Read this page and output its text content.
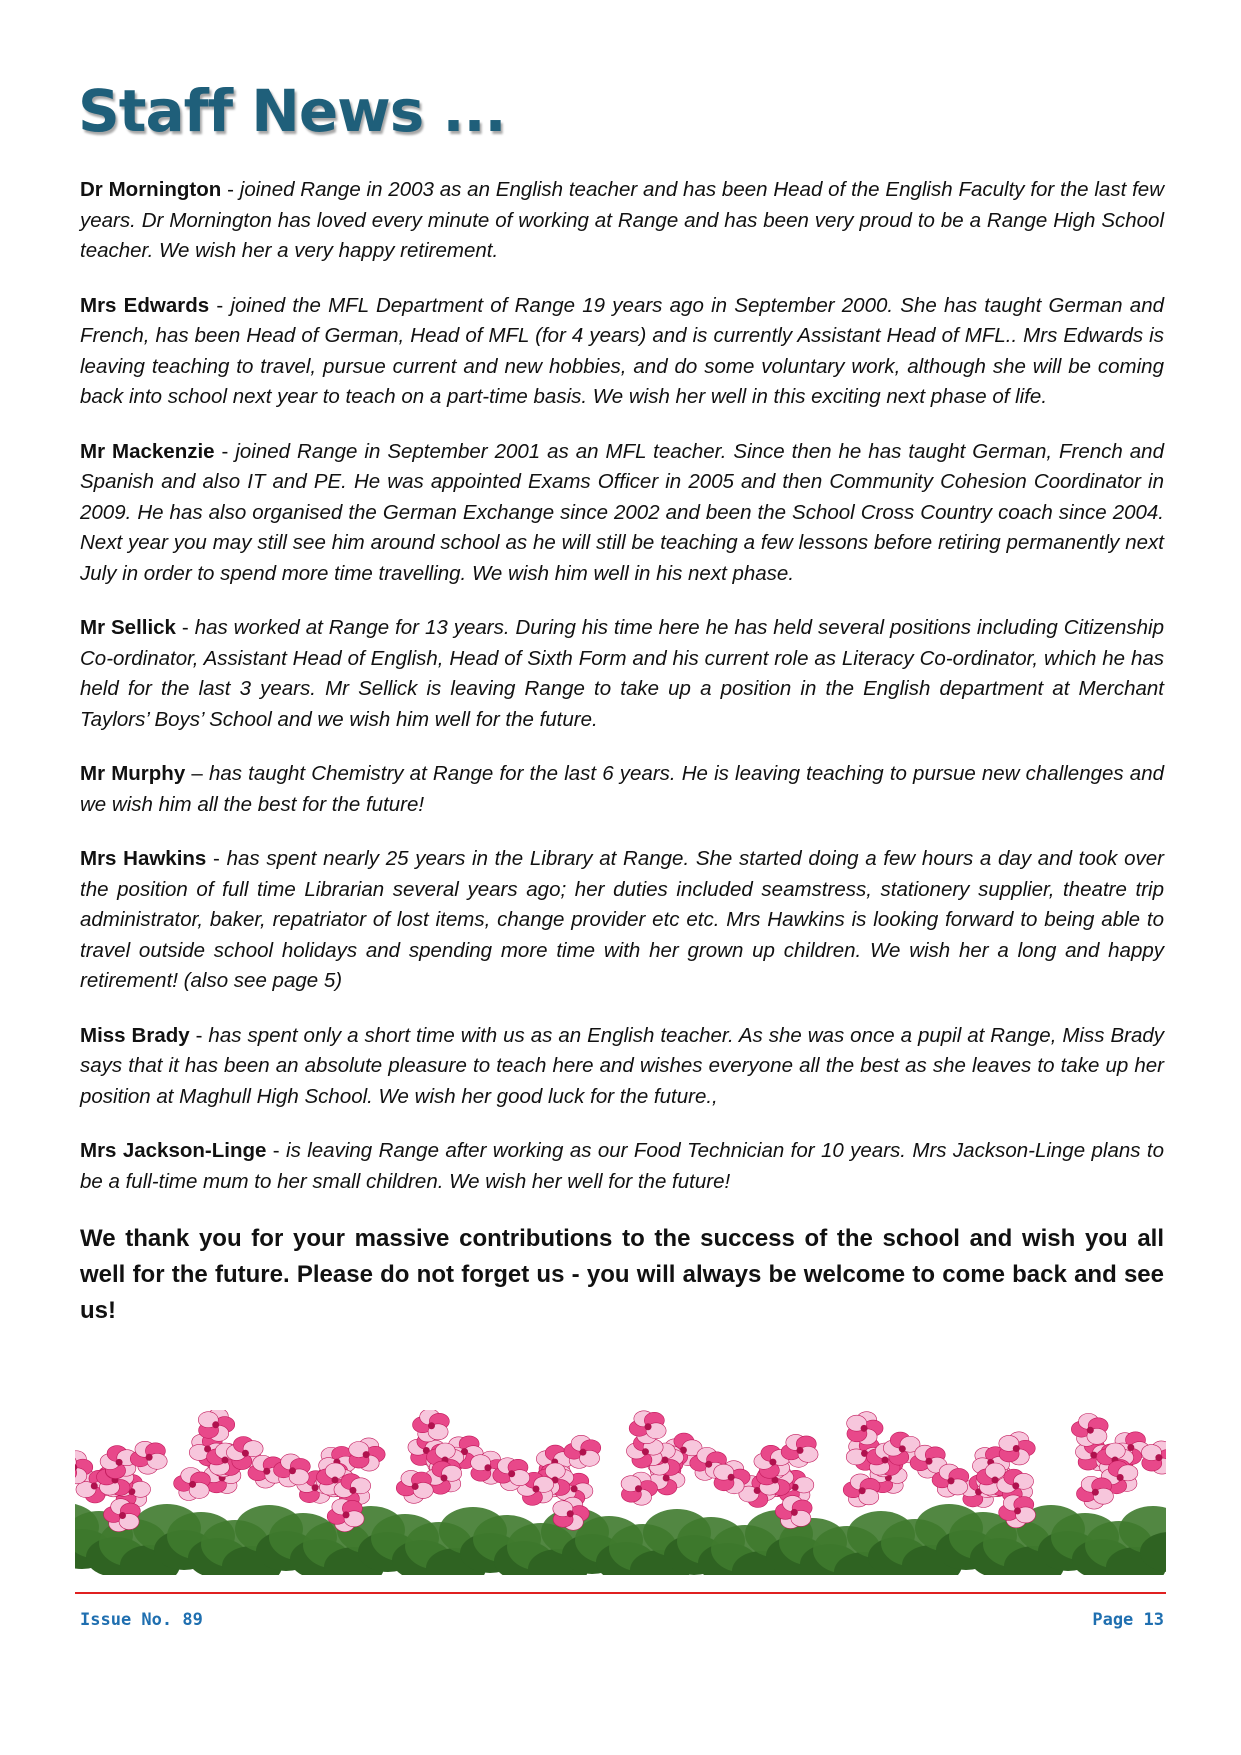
Staff News ...

Dr Mornington - joined Range in 2003 as an English teacher and has been Head of the English Faculty for the last few years. Dr Mornington has loved every minute of working at Range and has been very proud to be a Range High School teacher. We wish her a very happy retirement.

Mrs Edwards - joined the MFL Department of Range 19 years ago in September 2000. She has taught German and French, has been Head of German, Head of MFL (for 4 years) and is currently Assistant Head of MFL.. Mrs Edwards is leaving teaching to travel, pursue current and new hobbies, and do some voluntary work, although she will be coming back into school next year to teach on a part-time basis. We wish her well in this exciting next phase of life.

Mr Mackenzie - joined Range in September 2001 as an MFL teacher. Since then he has taught German, French and Spanish and also IT and PE. He was appointed Exams Officer in 2005 and then Community Cohesion Coordinator in 2009. He has also organised the German Exchange since 2002 and been the School Cross Country coach since 2004. Next year you may still see him around school as he will still be teaching a few lessons before retiring permanently next July in order to spend more time travelling. We wish him well in his next phase.

Mr Sellick - has worked at Range for 13 years. During his time here he has held several positions including Citizenship Co-ordinator, Assistant Head of English, Head of Sixth Form and his current role as Literacy Co-ordinator, which he has held for the last 3 years. Mr Sellick is leaving Range to take up a position in the English department at Merchant Taylors’ Boys’ School and we wish him well for the future.

Mr Murphy – has taught Chemistry at Range for the last 6 years. He is leaving teaching to pursue new challenges and we wish him all the best for the future!

Mrs Hawkins - has spent nearly 25 years in the Library at Range. She started doing a few hours a day and took over the position of full time Librarian several years ago; her duties included seamstress, stationery supplier, theatre trip administrator, baker, repatriator of lost items, change provider etc etc. Mrs Hawkins is looking forward to being able to travel outside school holidays and spending more time with her grown up children. We wish her a long and happy retirement! (also see page 5)

Miss Brady - has spent only a short time with us as an English teacher. As she was once a pupil at Range, Miss Brady says that it has been an absolute pleasure to teach here and wishes everyone all the best as she leaves to take up her position at Maghull High School. We wish her good luck for the future.,

Mrs Jackson-Linge - is leaving Range after working as our Food Technician for 10 years. Mrs Jackson-Linge plans to be a full-time mum to her small children. We wish her well for the future!

We thank you for your massive contributions to the success of the school and wish you all well for the future. Please do not forget us - you will always be welcome to come back and see us!

Issue No. 89	Page 13
